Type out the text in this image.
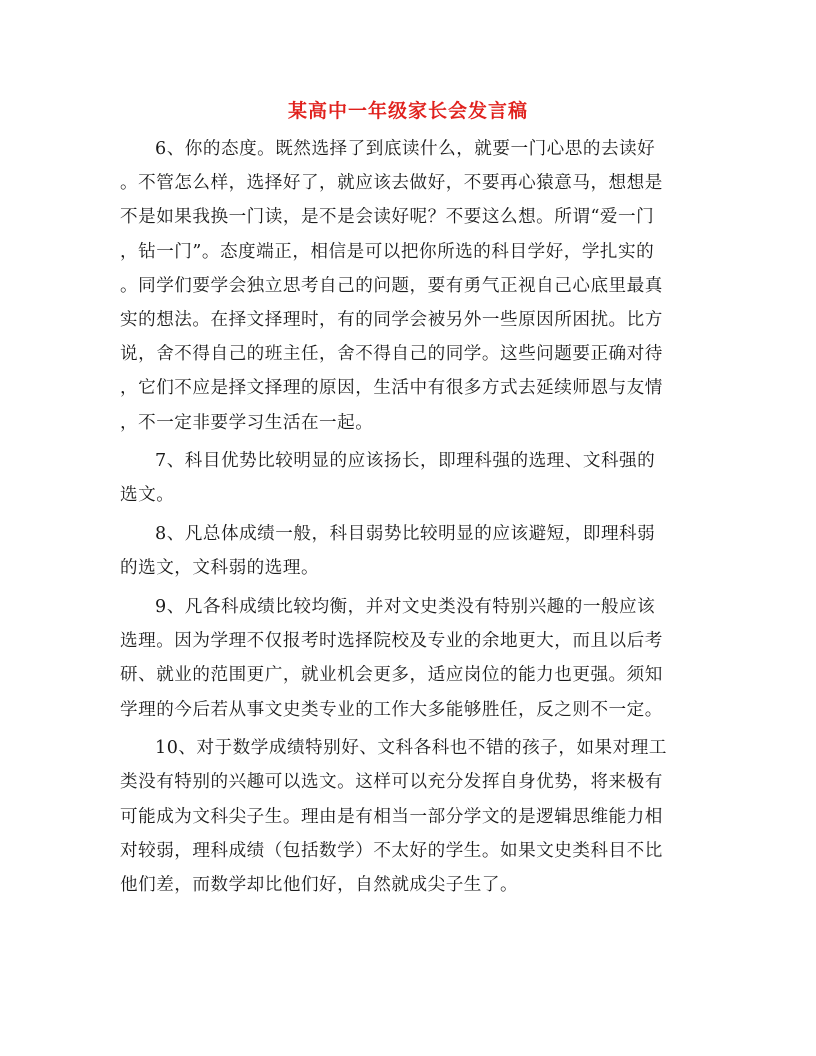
某高中一年级家长会发言稿

6、你的态度。既然选择了到底读什么，就要一门心思的去读好
。不管怎么样，选择好了，就应该去做好，不要再心猿意马，想想是
不是如果我换一门读，是不是会读好呢？不要这么想。所谓“爱一门
，钻一门”。态度端正，相信是可以把你所选的科目学好，学扎实的
。同学们要学会独立思考自己的问题，要有勇气正视自己心底里最真
实的想法。在择文择理时，有的同学会被另外一些原因所困扰。比方
说，舍不得自己的班主任，舍不得自己的同学。这些问题要正确对待
，它们不应是择文择理的原因，生活中有很多方式去延续师恩与友情
，不一定非要学习生活在一起。

7、科目优势比较明显的应该扬长，即理科强的选理、文科强的
选文。

8、凡总体成绩一般，科目弱势比较明显的应该避短，即理科弱
的选文，文科弱的选理。

9、凡各科成绩比较均衡，并对文史类没有特别兴趣的一般应该
选理。因为学理不仅报考时选择院校及专业的余地更大，而且以后考
研、就业的范围更广，就业机会更多，适应岗位的能力也更强。须知
学理的今后若从事文史类专业的工作大多能够胜任，反之则不一定。

10、对于数学成绩特别好、文科各科也不错的孩子，如果对理工
类没有特别的兴趣可以选文。这样可以充分发挥自身优势，将来极有
可能成为文科尖子生。理由是有相当一部分学文的是逻辑思维能力相
对较弱，理科成绩（包括数学）不太好的学生。如果文史类科目不比
他们差，而数学却比他们好，自然就成尖子生了。
